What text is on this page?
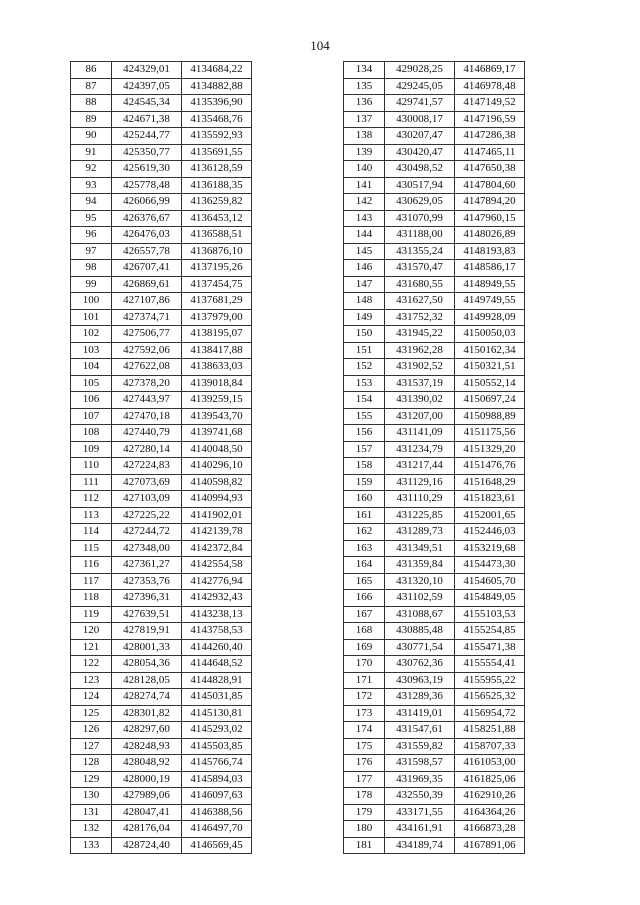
104
86	424329,01	4134684,22
87	424397,05	4134882,88
88	424545,34	4135396,90
89	424671,38	4135468,76
90	425244,77	4135592,93
91	425350,77	4135691,55
92	425619,30	4136128,59
93	425778,48	4136188,35
94	426066,99	4136259,82
95	426376,67	4136453,12
96	426476,03	4136588,51
97	426557,78	4136876,10
98	426707,41	4137195,26
99	426869,61	4137454,75
100	427107,86	4137681,29
101	427374,71	4137979,00
102	427506,77	4138195,07
103	427592,06	4138417,88
104	427622,08	4138633,03
105	427378,20	4139018,84
106	427443,97	4139259,15
107	427470,18	4139543,70
108	427440,79	4139741,68
109	427280,14	4140048,50
110	427224,83	4140296,10
111	427073,69	4140598,82
112	427103,09	4140994,93
113	427225,22	4141902,01
114	427244,72	4142139,78
115	427348,00	4142372,84
116	427361,27	4142554,58
117	427353,76	4142776,94
118	427396,31	4142932,43
119	427639,51	4143238,13
120	427819,91	4143758,53
121	428001,33	4144260,40
122	428054,36	4144648,52
123	428128,05	4144828,91
124	428274,74	4145031,85
125	428301,82	4145130,81
126	428297,60	4145293,02
127	428248,93	4145503,85
128	428048,92	4145766,74
129	428000,19	4145894,03
130	427989,06	4146097,63
131	428047,41	4146388,56
132	428176,04	4146497,70
133	428724,40	4146569,45
134	429028,25	4146869,17
135	429245,05	4146978,48
136	429741,57	4147149,52
137	430008,17	4147196,59
138	430207,47	4147286,38
139	430420,47	4147465,11
140	430498,52	4147650,38
141	430517,94	4147804,60
142	430629,05	4147894,20
143	431070,99	4147960,15
144	431188,00	4148026,89
145	431355,24	4148193,83
146	431570,47	4148586,17
147	431680,55	4148949,55
148	431627,50	4149749,55
149	431752,32	4149928,09
150	431945,22	4150050,03
151	431962,28	4150162,34
152	431902,52	4150321,51
153	431537,19	4150552,14
154	431390,02	4150697,24
155	431207,00	4150988,89
156	431141,09	4151175,56
157	431234,79	4151329,20
158	431217,44	4151476,76
159	431129,16	4151648,29
160	431110,29	4151823,61
161	431225,85	4152001,65
162	431289,73	4152446,03
163	431349,51	4153219,68
164	431359,84	4154473,30
165	431320,10	4154605,70
166	431102,59	4154849,05
167	431088,67	4155103,53
168	430885,48	4155254,85
169	430771,54	4155471,38
170	430762,36	4155554,41
171	430963,19	4155955,22
172	431289,36	4156525,32
173	431419,01	4156954,72
174	431547,61	4158251,88
175	431559,82	4158707,33
176	431598,57	4161053,00
177	431969,35	4161825,06
178	432550,39	4162910,26
179	433171,55	4164364,26
180	434161,91	4166873,28
181	434189,74	4167891,06
